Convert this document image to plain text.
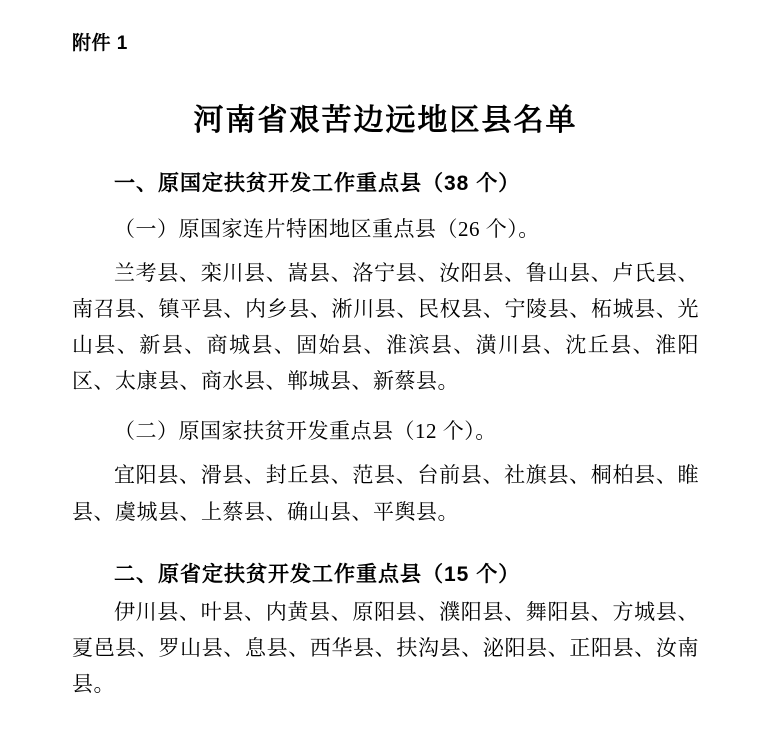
附件 1
河南省艰苦边远地区县名单
一、原国定扶贫开发工作重点县（38 个）
（一）原国家连片特困地区重点县（26 个）。
兰考县、栾川县、嵩县、洛宁县、汝阳县、鲁山县、卢氏县、南召县、镇平县、内乡县、淅川县、民权县、宁陵县、柘城县、光山县、新县、商城县、固始县、淮滨县、潢川县、沈丘县、淮阳区、太康县、商水县、郸城县、新蔡县。
（二）原国家扶贫开发重点县（12 个）。
宜阳县、滑县、封丘县、范县、台前县、社旗县、桐柏县、睢县、虞城县、上蔡县、确山县、平舆县。
二、原省定扶贫开发工作重点县（15 个）
伊川县、叶县、内黄县、原阳县、濮阳县、舞阳县、方城县、夏邑县、罗山县、息县、西华县、扶沟县、泌阳县、正阳县、汝南县。
